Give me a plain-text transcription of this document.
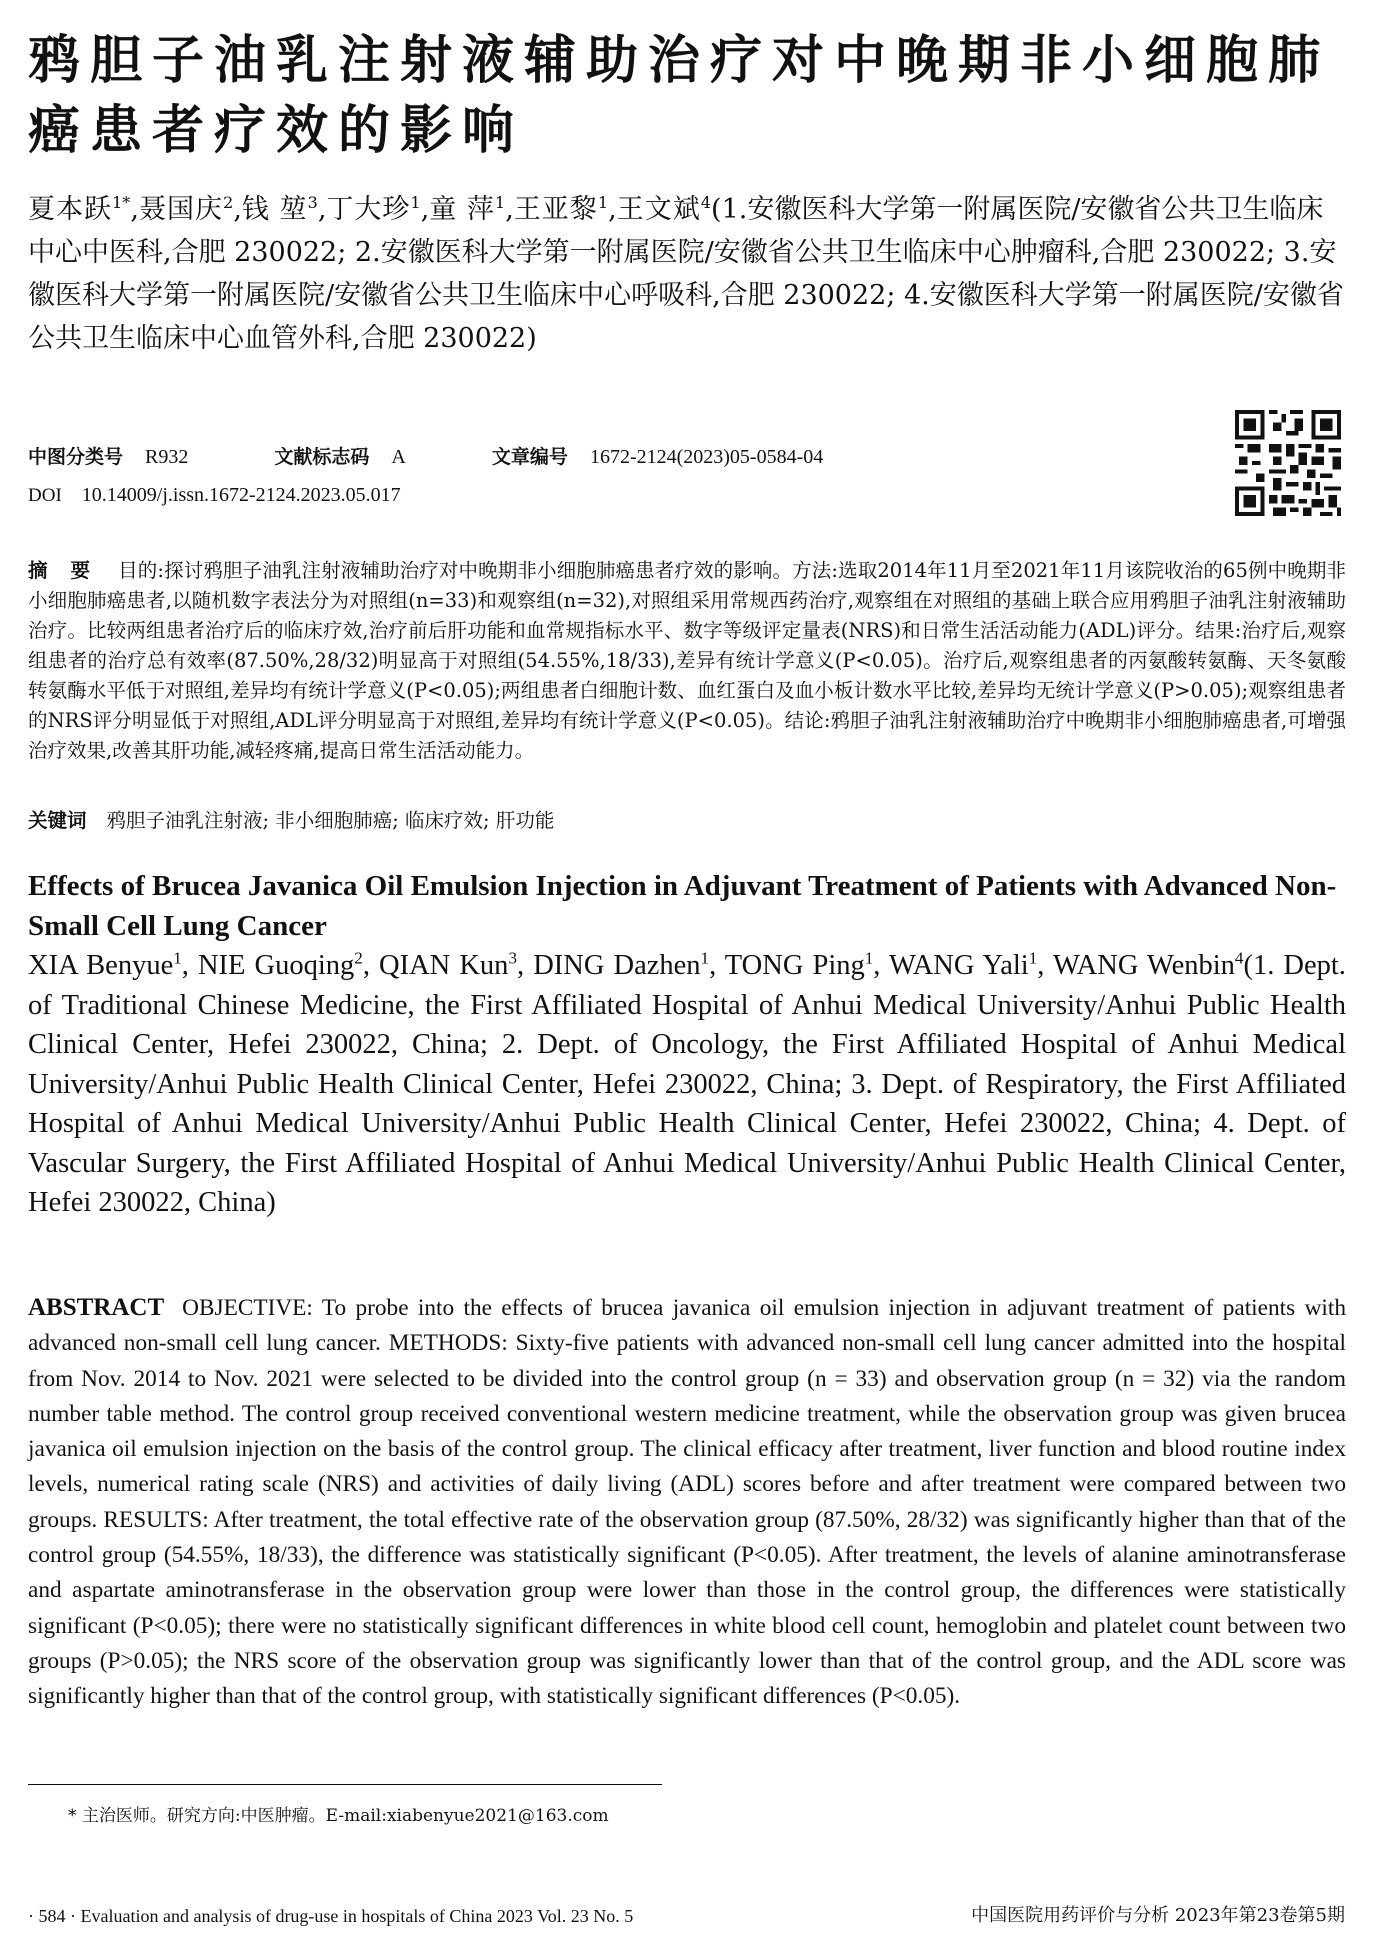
鸦胆子油乳注射液辅助治疗对中晚期非小细胞肺癌患者疗效的影响

夏本跃$^{1*}$,聂国庆$^2$,钱 堃$^3$,丁大珍$^1$,童 萍$^1$,王亚黎$^1$,王文斌$^4$(1.安徽医科大学第一附属医院/安徽省公共卫生临床中心中医科,合肥 230022; 2.安徽医科大学第一附属医院/安徽省公共卫生临床中心肿瘤科,合肥 230022; 3.安徽医科大学第一附属医院/安徽省公共卫生临床中心呼吸科,合肥 230022; 4.安徽医科大学第一附属医院/安徽省公共卫生临床中心血管外科,合肥 230022)

中图分类号 R932	文献标志码 A	文章编号 1672-2124(2023)05-0584-04
DOI 10.14009/j.issn.1672-2124.2023.05.017

摘 要 目的:探讨鸦胆子油乳注射液辅助治疗对中晚期非小细胞肺癌患者疗效的影响。方法:选取2014年11月至2021年11月该院收治的65例中晚期非小细胞肺癌患者,以随机数字表法分为对照组(n=33)和观察组(n=32),对照组采用常规西药治疗,观察组在对照组的基础上联合应用鸦胆子油乳注射液辅助治疗。比较两组患者治疗后的临床疗效,治疗前后肝功能和血常规指标水平、数字等级评定量表(NRS)和日常生活活动能力(ADL)评分。结果:治疗后,观察组患者的治疗总有效率(87.50%,28/32)明显高于对照组(54.55%,18/33),差异有统计学意义(P<0.05)。治疗后,观察组患者的丙氨酸转氨酶、天冬氨酸转氨酶水平低于对照组,差异均有统计学意义(P<0.05);两组患者白细胞计数、血红蛋白及血小板计数水平比较,差异均无统计学意义(P>0.05);观察组患者的NRS评分明显低于对照组,ADL评分明显高于对照组,差异均有统计学意义(P<0.05)。结论:鸦胆子油乳注射液辅助治疗中晚期非小细胞肺癌患者,可增强治疗效果,改善其肝功能,减轻疼痛,提高日常生活活动能力。

关键词 鸦胆子油乳注射液; 非小细胞肺癌; 临床疗效; 肝功能

Effects of Brucea Javanica Oil Emulsion Injection in Adjuvant Treatment of Patients with Advanced Non-Small Cell Lung Cancer

XIA Benyue$^1$, NIE Guoqing$^2$, QIAN Kun$^3$, DING Dazhen$^1$, TONG Ping$^1$, WANG Yali$^1$, WANG Wenbin$^4$(1. Dept. of Traditional Chinese Medicine, the First Affiliated Hospital of Anhui Medical University/Anhui Public Health Clinical Center, Hefei 230022, China; 2. Dept. of Oncology, the First Affiliated Hospital of Anhui Medical University/Anhui Public Health Clinical Center, Hefei 230022, China; 3. Dept. of Respiratory, the First Affiliated Hospital of Anhui Medical University/Anhui Public Health Clinical Center, Hefei 230022, China; 4. Dept. of Vascular Surgery, the First Affiliated Hospital of Anhui Medical University/Anhui Public Health Clinical Center, Hefei 230022, China)

ABSTRACT OBJECTIVE: To probe into the effects of brucea javanica oil emulsion injection in adjuvant treatment of patients with advanced non-small cell lung cancer. METHODS: Sixty-five patients with advanced non-small cell lung cancer admitted into the hospital from Nov. 2014 to Nov. 2021 were selected to be divided into the control group (n = 33) and observation group (n = 32) via the random number table method. The control group received conventional western medicine treatment, while the observation group was given brucea javanica oil emulsion injection on the basis of the control group. The clinical efficacy after treatment, liver function and blood routine index levels, numerical rating scale (NRS) and activities of daily living (ADL) scores before and after treatment were compared between two groups. RESULTS: After treatment, the total effective rate of the observation group (87.50%, 28/32) was significantly higher than that of the control group (54.55%, 18/33), the difference was statistically significant (P<0.05). After treatment, the levels of alanine aminotransferase and aspartate aminotransferase in the observation group were lower than those in the control group, the differences were statistically significant (P<0.05); there were no statistically significant differences in white blood cell count, hemoglobin and platelet count between two groups (P>0.05); the NRS score of the observation group was significantly lower than that of the control group, and the ADL score was significantly higher than that of the control group, with statistically significant differences (P<0.05).

* 主治医师。研究方向:中医肿瘤。E-mail:xiabenyue2021@163.com

· 584 · Evaluation and analysis of drug-use in hospitals of China 2023 Vol. 23 No. 5	中国医院用药评价与分析 2023年第23卷第5期
